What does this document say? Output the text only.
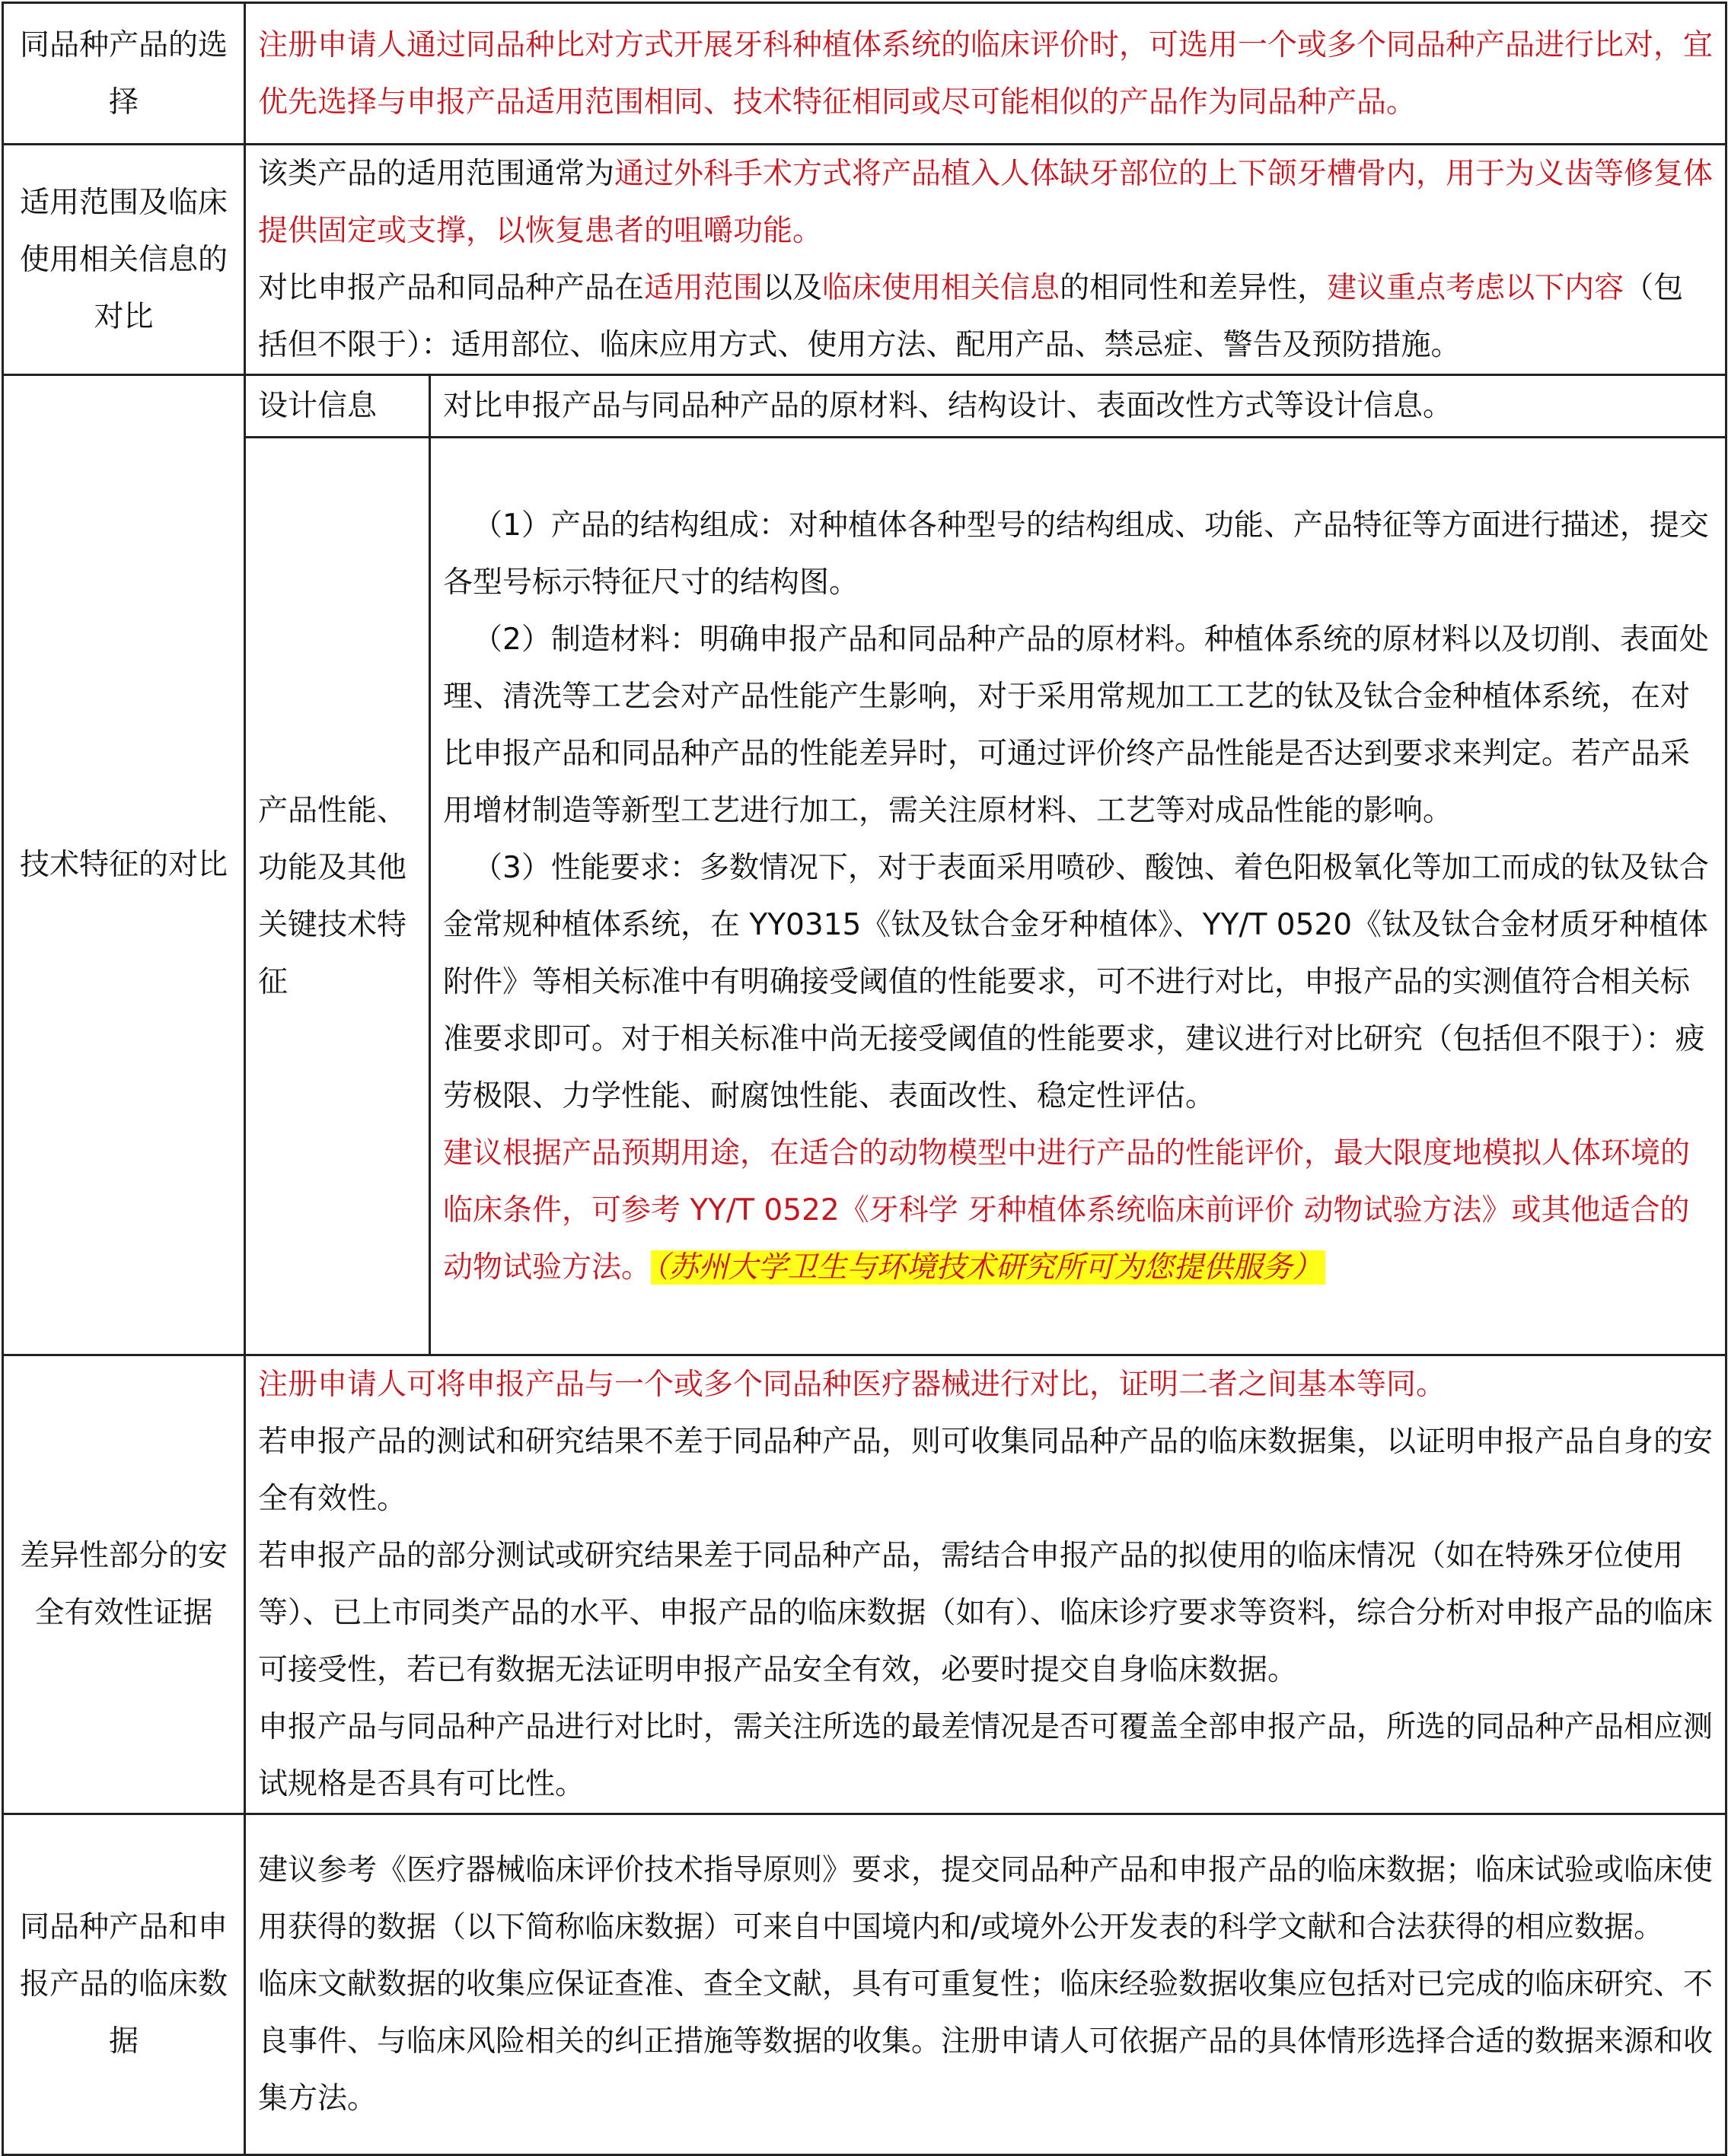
同品种产品的选择	注册申请人通过同品种比对方式开展牙科种植体系统的临床评价时，可选用一个或多个同品种产品进行比对，宜优先选择与申报产品适用范围相同、技术特征相同或尽可能相似的产品作为同品种产品。	

适用范围及临床使用相关信息的对比	该类产品的适用范围通常为通过外科手术方式将产品植入人体缺牙部位的上下颌牙槽骨内，用于为义齿等修复体提供固定或支撑，以恢复患者的咀嚼功能。

对比申报产品和同品种产品在适用范围以及临床使用相关信息的相同性和差异性，建议重点考虑以下内容（包括但不限于）：适用部位、临床应用方式、使用方法、配用产品、禁忌症、警告及预防措施。	

技术特征的对比	设计信息	对比申报产品与同品种产品的原材料、结构设计、表面改性方式等设计信息。
	产品性能、功能及其他关键技术特征	（1）产品的结构组成：对种植体各种型号的结构组成、功能、产品特征等方面进行描述，提交各型号标示特征尺寸的结构图。

（2）制造材料：明确申报产品和同品种产品的原材料。种植体系统的原材料以及切削、表面处理、清洗等工艺会对产品性能产生影响，对于采用常规加工工艺的钛及钛合金种植体系统，在对比申报产品和同品种产品的性能差异时，可通过评价终产品性能是否达到要求来判定。若产品采用增材制造等新型工艺进行加工，需关注原材料、工艺等对成品性能的影响。

（3）性能要求：多数情况下，对于表面采用喷砂、酸蚀、着色阳极氧化等加工而成的钛及钛合金常规种植体系统，在 YY0315《钛及钛合金牙种植体》、YY/T 0520《钛及钛合金材质牙种植体附件》等相关标准中有明确接受阈值的性能要求，可不进行对比，申报产品的实测值符合相关标准要求即可。对于相关标准中尚无接受阈值的性能要求，建议进行对比研究（包括但不限于）：疲劳极限、力学性能、耐腐蚀性能、表面改性、稳定性评估。

建议根据产品预期用途，在适合的动物模型中进行产品的性能评价，最大限度地模拟人体环境的临床条件，可参考 YY/T 0522《牙科学 牙种植体系统临床前评价 动物试验方法》或其他适合的动物试验方法。 （苏州大学卫生与环境技术研究所可为您提供服务）

差异性部分的安全有效性证据	注册申请人可将申报产品与一个或多个同品种医疗器械进行对比，证明二者之间基本等同。

若申报产品的测试和研究结果不差于同品种产品，则可收集同品种产品的临床数据集，以证明申报产品自身的安全有效性。

若申报产品的部分测试或研究结果差于同品种产品，需结合申报产品的拟使用的临床情况（如在特殊牙位使用等）、已上市同类产品的水平、申报产品的临床数据（如有）、临床诊疗要求等资料，综合分析对申报产品的临床可接受性，若已有数据无法证明申报产品安全有效，必要时提交自身临床数据。

申报产品与同品种产品进行对比时，需关注所选的最差情况是否可覆盖全部申报产品，所选的同品种产品相应测试规格是否具有可比性。	

同品种产品和申报产品的临床数据	建议参考《医疗器械临床评价技术指导原则》要求，提交同品种产品和申报产品的临床数据；临床试验或临床使用获得的数据（以下简称临床数据）可来自中国境内和/或境外公开发表的科学文献和合法获得的相应数据。

临床文献数据的收集应保证查准、查全文献，具有可重复性；临床经验数据收集应包括对已完成的临床研究、不良事件、与临床风险相关的纠正措施等数据的收集。注册申请人可依据产品的具体情形选择合适的数据来源和收集方法。	
